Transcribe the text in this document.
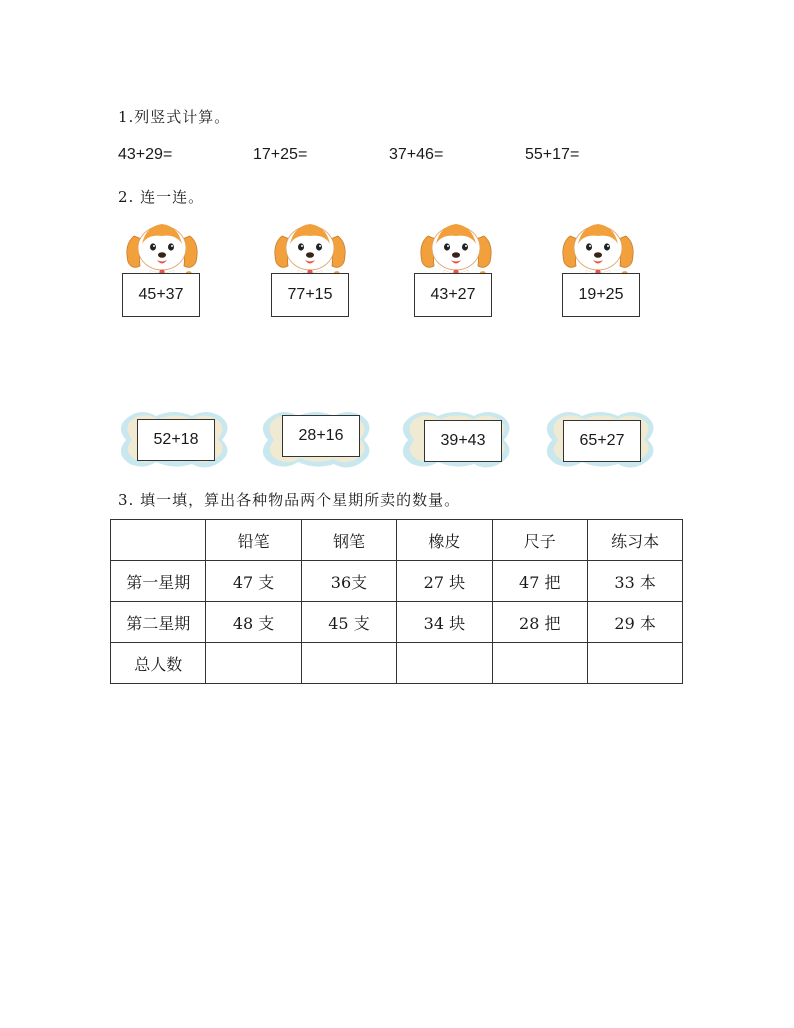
1.列竖式计算。
43+29=	17+25=	37+46=	55+17=
2. 连一连。
45+37	77+15	43+27	19+25
52+18	28+16	39+43	65+27
3. 填一填，算出各种物品两个星期所卖的数量。
	铅笔	钢笔	橡皮	尺子	练习本
第一星期	47 支	36支	27 块	47 把	33 本
第二星期	48 支	45 支	34 块	28 把	29 本
总人数					
